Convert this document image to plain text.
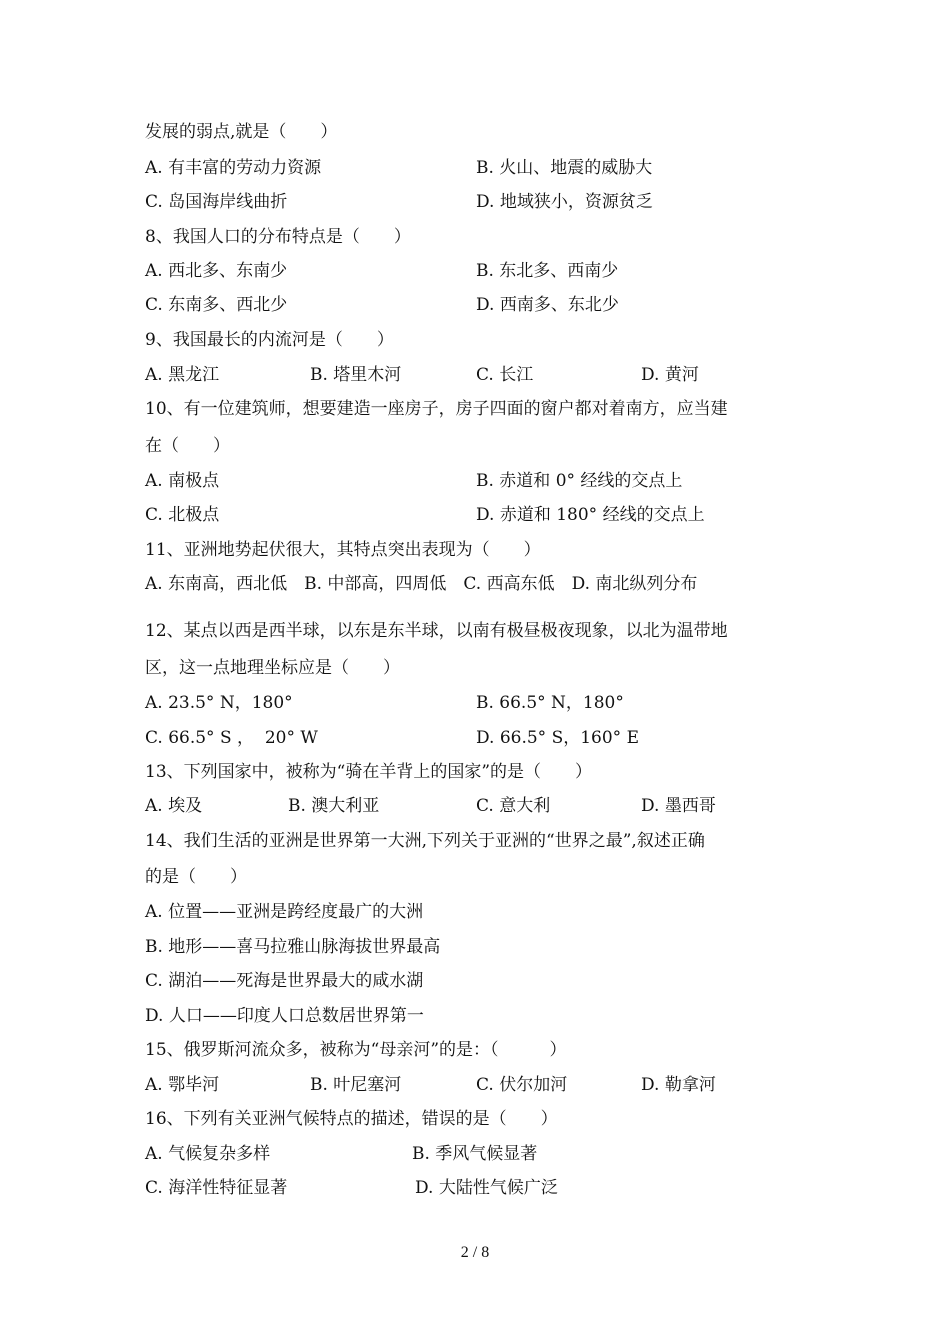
发展的弱点,就是（　　）
A. 有丰富的劳动力资源	B. 火山、地震的威胁大
C. 岛国海岸线曲折	D. 地域狭小，资源贫乏
8、我国人口的分布特点是（　　）
A. 西北多、东南少	B. 东北多、西南少
C. 东南多、西北少	D. 西南多、东北少
9、我国最长的内流河是（　　）
A. 黑龙江	B. 塔里木河	C. 长江	D. 黄河
10、有一位建筑师，想要建造一座房子，房子四面的窗户都对着南方，应当建
在（　　）
A. 南极点	B. 赤道和 0° 经线的交点上
C. 北极点	D. 赤道和 180° 经线的交点上
11、亚洲地势起伏很大，其特点突出表现为（　　）
A. 东南高，西北低　B. 中部高，四周低　C. 西高东低　D. 南北纵列分布
12、某点以西是西半球，以东是东半球，以南有极昼极夜现象，以北为温带地
区，这一点地理坐标应是（　　）
A. 23.5° N，180°	B. 66.5° N，180°
C. 66.5° S ，  20° W	D. 66.5° S，160° E
13、下列国家中，被称为“骑在羊背上的国家”的是（　　）
A. 埃及	B. 澳大利亚	C. 意大利	D. 墨西哥
14、我们生活的亚洲是世界第一大洲,下列关于亚洲的“世界之最”,叙述正确
的是（　　）
A. 位置——亚洲是跨经度最广的大洲
B. 地形——喜马拉雅山脉海拔世界最高
C. 湖泊——死海是世界最大的咸水湖
D. 人口——印度人口总数居世界第一
15、俄罗斯河流众多，被称为“母亲河”的是：（　　　）
A. 鄂毕河	B. 叶尼塞河	C. 伏尔加河	D. 勒拿河
16、下列有关亚洲气候特点的描述，错误的是（　　）
A. 气候复杂多样	B. 季风气候显著
C. 海洋性特征显著	D. 大陆性气候广泛
2 / 8
